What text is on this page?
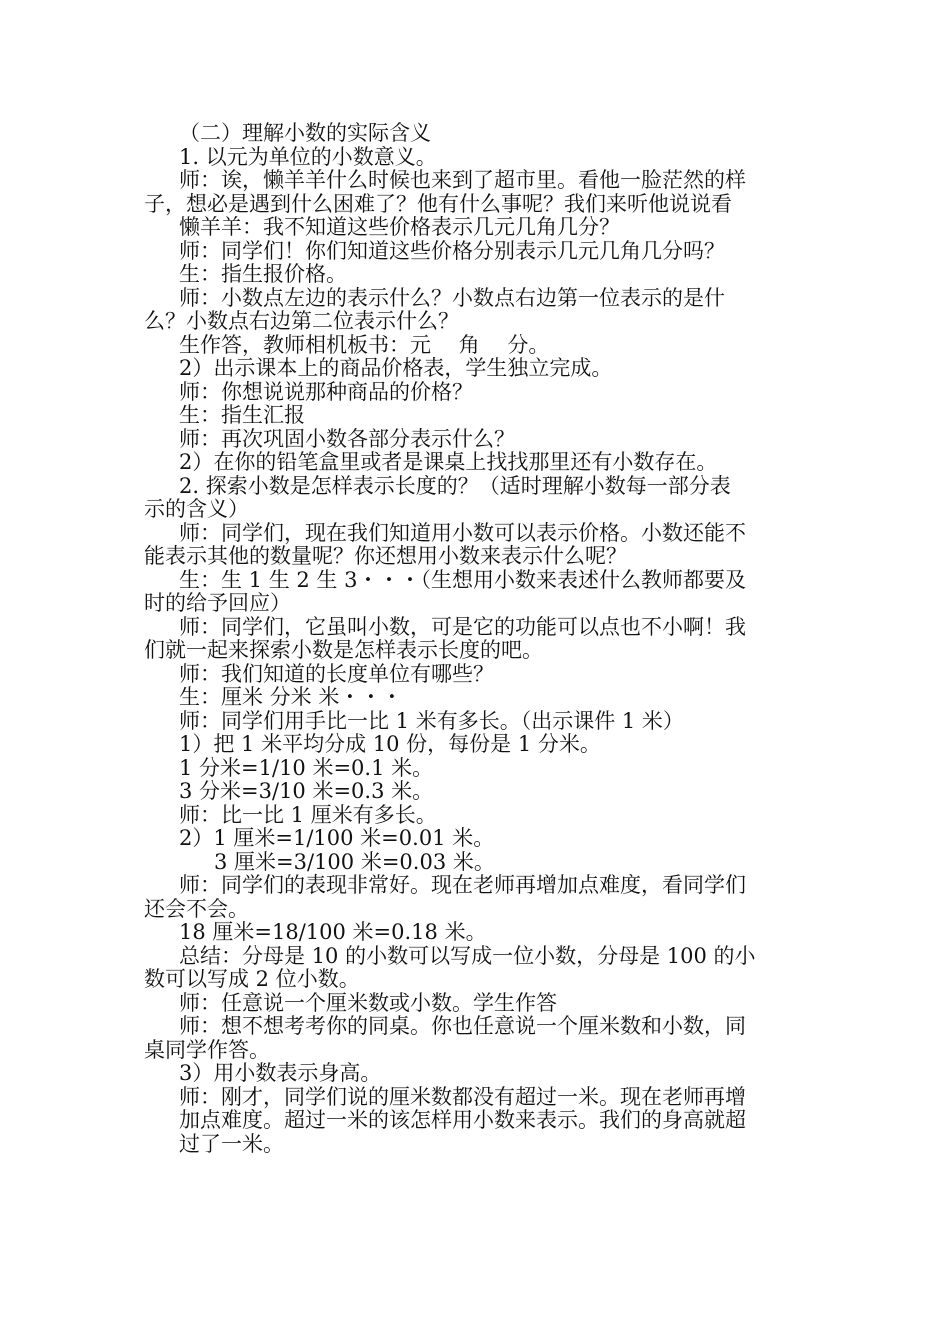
（二）理解小数的实际含义
1. 以元为单位的小数意义。
师：诶，懒羊羊什么时候也来到了超市里。看他一脸茫然的样
子，想必是遇到什么困难了？他有什么事呢？我们来听他说说看
懒羊羊：我不知道这些价格表示几元几角几分？
师：同学们！你们知道这些价格分别表示几元几角几分吗？
生：指生报价格。
师：小数点左边的表示什么？小数点右边第一位表示的是什
么？小数点右边第二位表示什么？
生作答，教师相机板书：元　 角　 分。
2）出示课本上的商品价格表，学生独立完成。
师：你想说说那种商品的价格？
生：指生汇报
师：再次巩固小数各部分表示什么？
2）在你的铅笔盒里或者是课桌上找找那里还有小数存在。
2. 探索小数是怎样表示长度的？（适时理解小数每一部分表
示的含义）
师：同学们，现在我们知道用小数可以表示价格。小数还能不
能表示其他的数量呢？你还想用小数来表示什么呢？
生：生 1 生 2 生 3・・・（生想用小数来表述什么教师都要及
时的给予回应）
师：同学们，它虽叫小数，可是它的功能可以点也不小啊！我
们就一起来探索小数是怎样表示长度的吧。
师：我们知道的长度单位有哪些？
生：厘米 分米 米・・・
师：同学们用手比一比 1 米有多长。（出示课件 1 米）
1）把 1 米平均分成 10 份，每份是 1 分米。
1 分米=1/10 米=0.1 米。
3 分米=3/10 米=0.3 米。
师：比一比 1 厘米有多长。
2）1 厘米=1/100 米=0.01 米。
3 厘米=3/100 米=0.03 米。
师：同学们的表现非常好。现在老师再增加点难度，看同学们
还会不会。
18 厘米=18/100 米=0.18 米。
总结：分母是 10 的小数可以写成一位小数，分母是 100 的小
数可以写成 2 位小数。
师：任意说一个厘米数或小数。学生作答
师：想不想考考你的同桌。你也任意说一个厘米数和小数，同
桌同学作答。
3）用小数表示身高。
师：刚才，同学们说的厘米数都没有超过一米。现在老师再增
加点难度。超过一米的该怎样用小数来表示。我们的身高就超
过了一米。
